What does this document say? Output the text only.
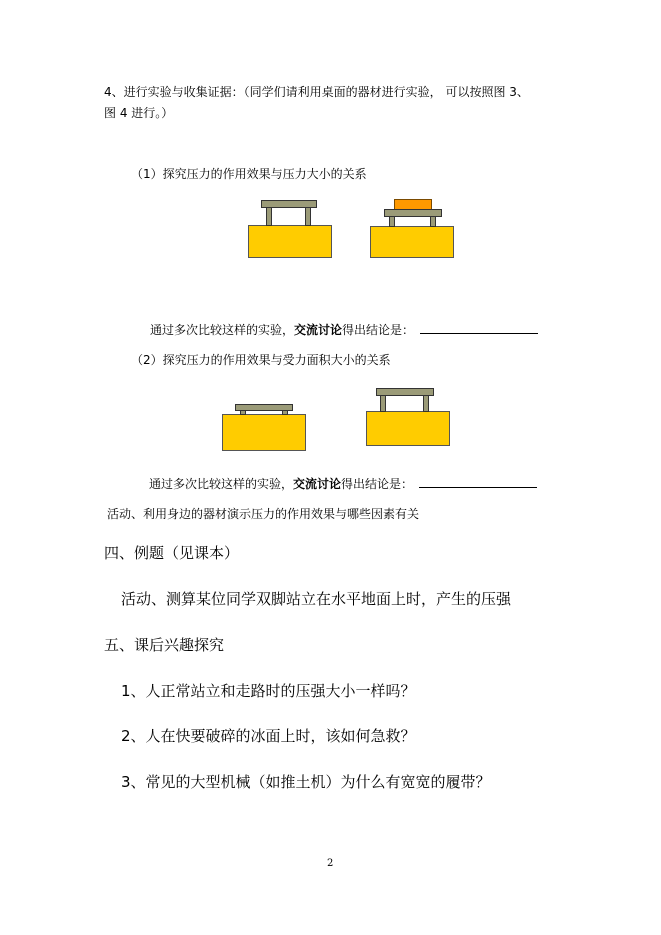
4、进行实验与收集证据：（同学们请利用桌面的器材进行实验， 可以按照图 3、
图 4 进行。）
（1）探究压力的作用效果与压力大小的关系
通过多次比较这样的实验，交流讨论得出结论是：
（2）探究压力的作用效果与受力面积大小的关系
通过多次比较这样的实验，交流讨论得出结论是：
活动、利用身边的器材演示压力的作用效果与哪些因素有关
四、例题（见课本）
活动、测算某位同学双脚站立在水平地面上时，产生的压强
五、课后兴趣探究
1、人正常站立和走路时的压强大小一样吗？
2、人在快要破碎的冰面上时，该如何急救？
3、常见的大型机械（如推土机）为什么有宽宽的履带？
2
